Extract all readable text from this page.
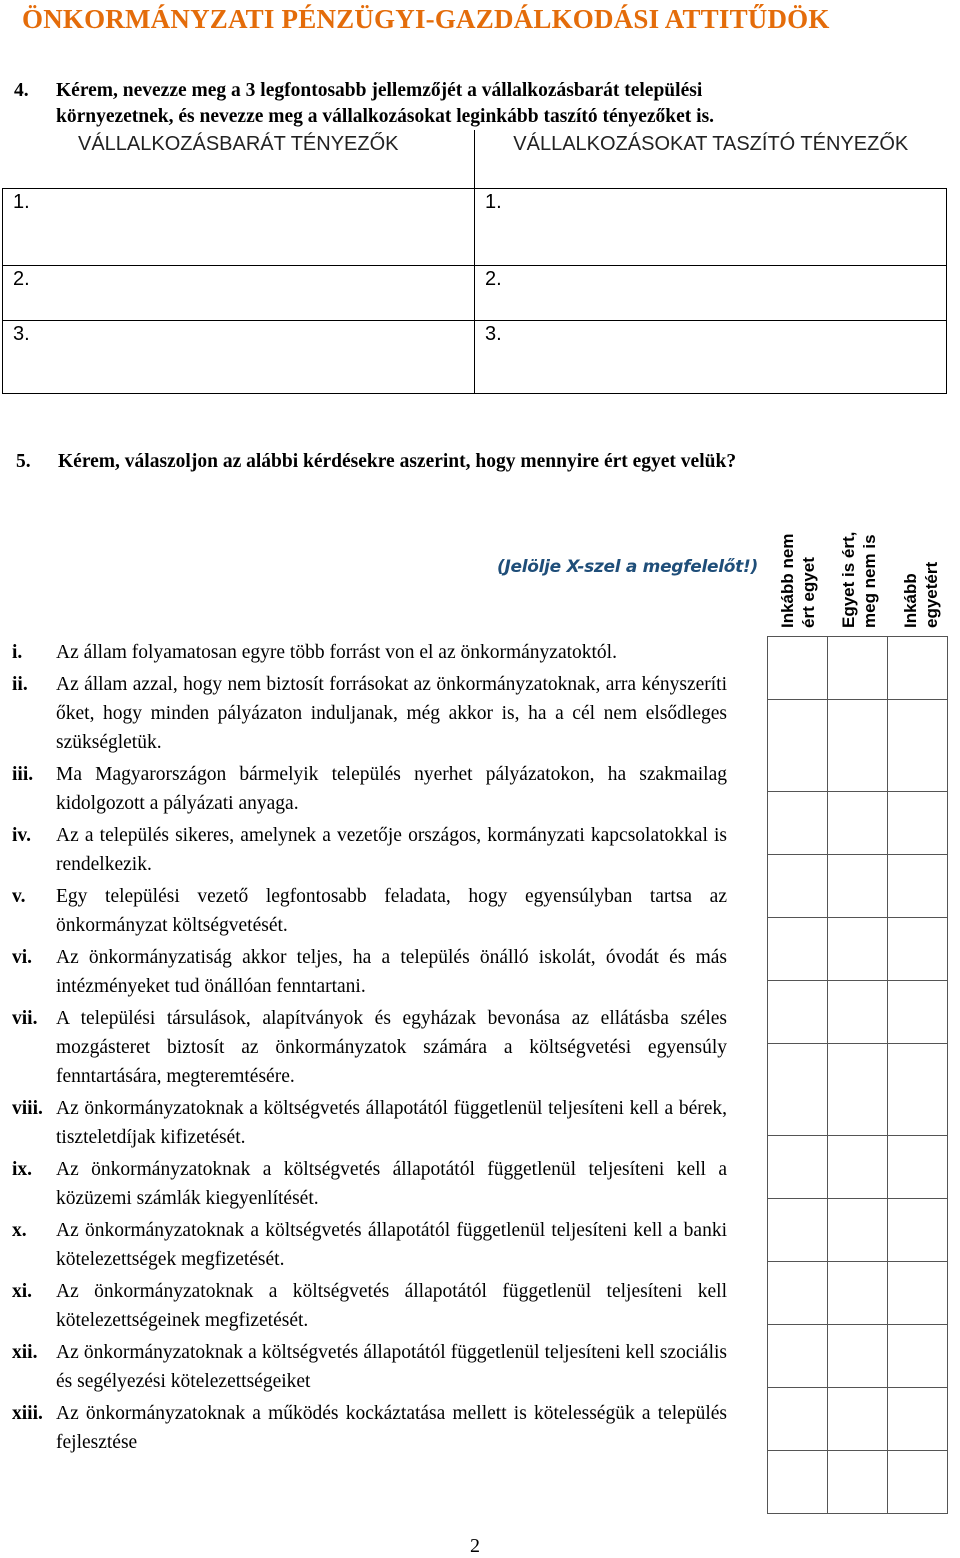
ÖNKORMÁNYZATI PÉNZÜGYI-GAZDÁLKODÁSI ATTITŰDÖK
4.	Kérem, nevezze meg a 3 legfontosabb jellemzőjét a vállalkozásbarát települési
környezetnek, és nevezze meg a vállalkozásokat leginkább taszító tényezőket is.
VÁLLALKOZÁSBARÁT TÉNYEZŐK	VÁLLALKOZÁSOKAT TASZÍTÓ TÉNYEZŐK
1.	1.
2.	2.
3.	3.
5. Kérem, válaszoljon az alábbi kérdésekre aszerint, hogy mennyire ért egyet velük?
(Jelölje X-szel a megfelelőt!) Inkább nem ért egyet Egyet is ért, meg nem is Inkább egyetért

i.	Az állam folyamatosan egyre több forrást von el az önkormányzatoktól.
ii.	Az állam azzal, hogy nem biztosít forrásokat az önkormányzatoknak, arra kényszeríti őket, hogy minden pályázaton induljanak, még akkor is, ha a cél nem elsődleges szükségletük.
iii.	Ma Magyarországon bármelyik település nyerhet pályázatokon, ha szakmailag kidolgozott a pályázati anyaga.
iv.	Az a település sikeres, amelynek a vezetője országos, kormányzati kapcsolatokkal is rendelkezik.
v.	Egy települési vezető legfontosabb feladata, hogy egyensúlyban tartsa az önkormányzat költségvetését.
vi.	Az önkormányzatiság akkor teljes, ha a település önálló iskolát, óvodát és más intézményeket tud önállóan fenntartani.
vii. A települési társulások, alapítványok és egyházak bevonása az ellátásba széles mozgásteret biztosít az önkormányzatok számára a költségvetési egyensúly fenntartására, megteremtésére.
viii. Az önkormányzatoknak a költségvetés állapotától függetlenül teljesíteni kell a bérek, tiszteletdíjak kifizetését.
ix.	Az önkormányzatoknak a költségvetés állapotától függetlenül teljesíteni kell a közüzemi számlák kiegyenlítését.
x.	Az önkormányzatoknak a költségvetés állapotától függetlenül teljesíteni kell a banki kötelezettségek megfizetését.
xi.	Az önkormányzatoknak a költségvetés állapotától függetlenül teljesíteni kell kötelezettségeinek megfizetését.
xii. Az önkormányzatoknak a költségvetés állapotától függetlenül teljesíteni kell szociális és segélyezési kötelezettségeiket
xiii. Az önkormányzatoknak a működés kockáztatása mellett is kötelességük a település fejlesztése
2
